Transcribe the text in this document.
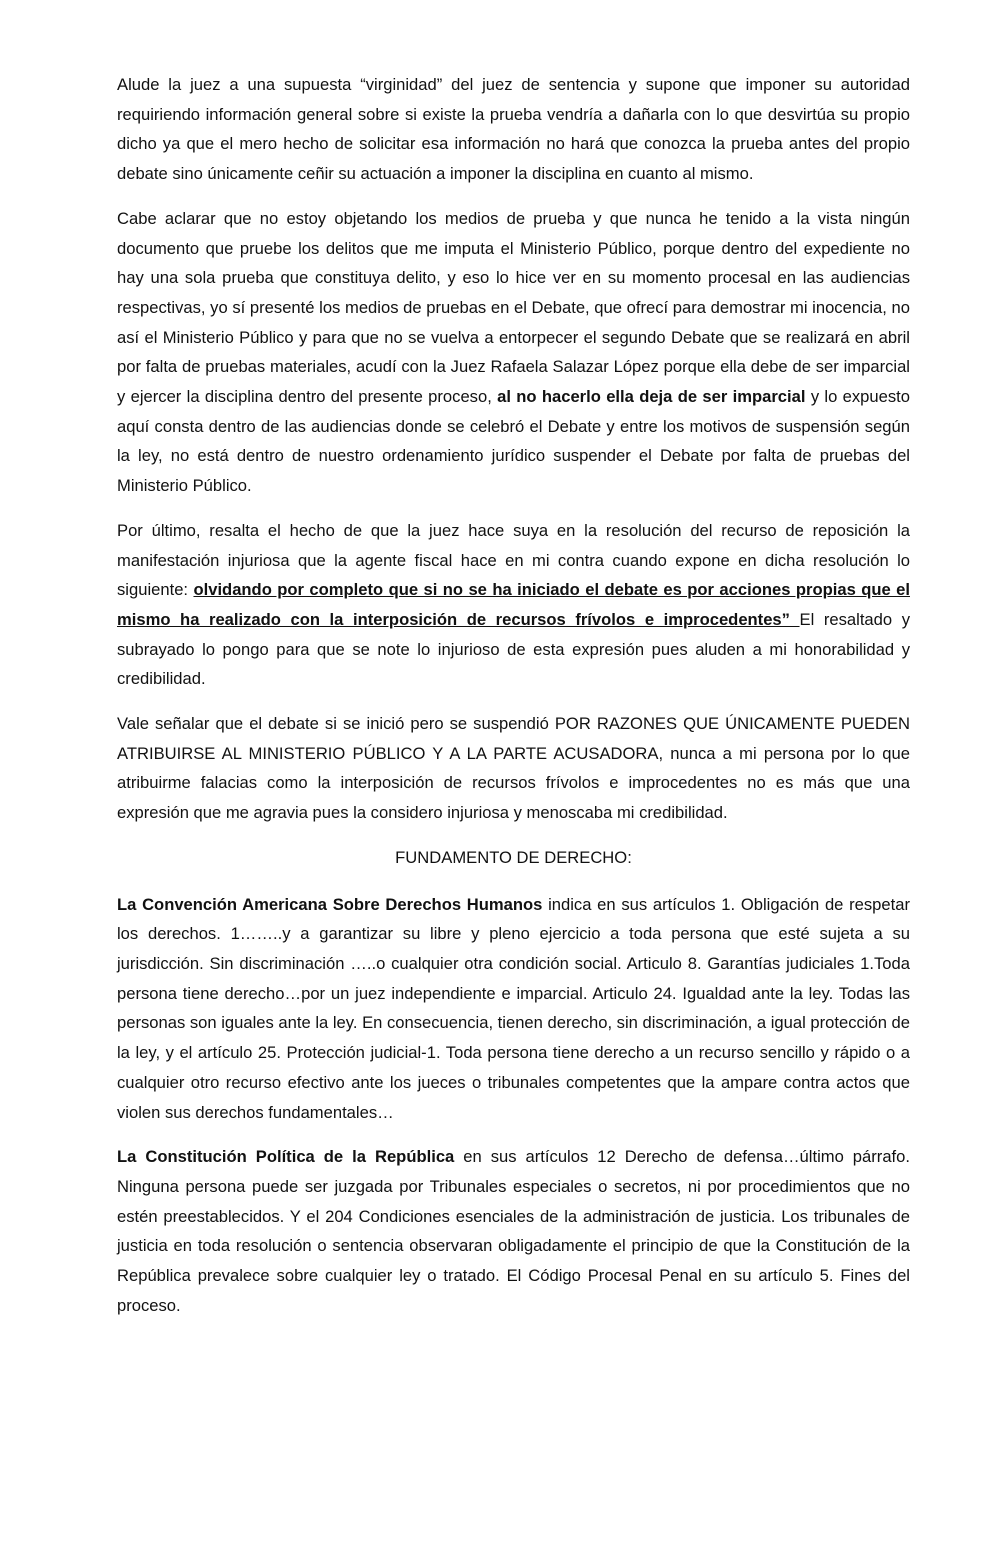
Alude la juez a una supuesta “virginidad” del juez de sentencia y supone que imponer su autoridad requiriendo información general sobre si existe la prueba vendría a dañarla con lo que desvirtúa su propio dicho ya que el mero hecho de solicitar esa información no hará que conozca la prueba antes del propio debate sino únicamente ceñir su actuación a imponer la disciplina en cuanto al mismo.

Cabe aclarar que no estoy objetando los medios de prueba y que nunca he tenido a la vista ningún documento que pruebe los delitos que me imputa el Ministerio Público, porque dentro del expediente no hay una sola prueba que constituya delito, y eso lo hice ver en su momento procesal en las audiencias respectivas, yo sí presenté los medios de pruebas en el Debate, que ofrecí para demostrar mi inocencia, no así el Ministerio Público y para que no se vuelva a entorpecer el segundo Debate que se realizará en abril por falta de pruebas materiales, acudí con la Juez Rafaela Salazar López porque ella debe de ser imparcial y ejercer la disciplina dentro del presente proceso, al no hacerlo ella deja de ser imparcial y lo expuesto aquí consta dentro de las audiencias donde se celebró el Debate y entre los motivos de suspensión según la ley, no está dentro de nuestro ordenamiento jurídico suspender el Debate por falta de pruebas del Ministerio Público.

Por último, resalta el hecho de que la juez hace suya en la resolución del recurso de reposición la manifestación injuriosa que la agente fiscal hace en mi contra cuando expone en dicha resolución lo siguiente: olvidando por completo que si no se ha iniciado el debate es por acciones propias que el mismo ha realizado con la interposición de recursos frívolos e improcedentes” El resaltado y subrayado lo pongo para que se note lo injurioso de esta expresión pues aluden a mi honorabilidad y credibilidad.

Vale señalar que el debate si se inició pero se suspendió POR RAZONES QUE ÚNICAMENTE PUEDEN ATRIBUIRSE AL MINISTERIO PÚBLICO Y A LA PARTE ACUSADORA, nunca a mi persona por lo que atribuirme falacias como la interposición de recursos frívolos e improcedentes no es más que una expresión que me agravia pues la considero injuriosa y menoscaba mi credibilidad.

FUNDAMENTO DE DERECHO:

La Convención Americana Sobre Derechos Humanos indica en sus artículos 1. Obligación de respetar los derechos. 1……..y a garantizar su libre y pleno ejercicio a toda persona que esté sujeta a su jurisdicción. Sin discriminación …..o cualquier otra condición social. Articulo 8. Garantías judiciales 1.Toda persona tiene derecho…por un juez independiente e imparcial. Articulo 24. Igualdad ante la ley. Todas las personas son iguales ante la ley. En consecuencia, tienen derecho, sin discriminación, a igual protección de la ley, y el artículo 25. Protección judicial-1. Toda persona tiene derecho a un recurso sencillo y rápido o a cualquier otro recurso efectivo ante los jueces o tribunales competentes que la ampare contra actos que violen sus derechos fundamentales…

La Constitución Política de la República en sus artículos 12 Derecho de defensa…último párrafo. Ninguna persona puede ser juzgada por Tribunales especiales o secretos, ni por procedimientos que no estén preestablecidos. Y el 204 Condiciones esenciales de la administración de justicia. Los tribunales de justicia en toda resolución o sentencia observaran obligadamente el principio de que la Constitución de la República prevalece sobre cualquier ley o tratado. El Código Procesal Penal en su artículo 5. Fines del proceso.
